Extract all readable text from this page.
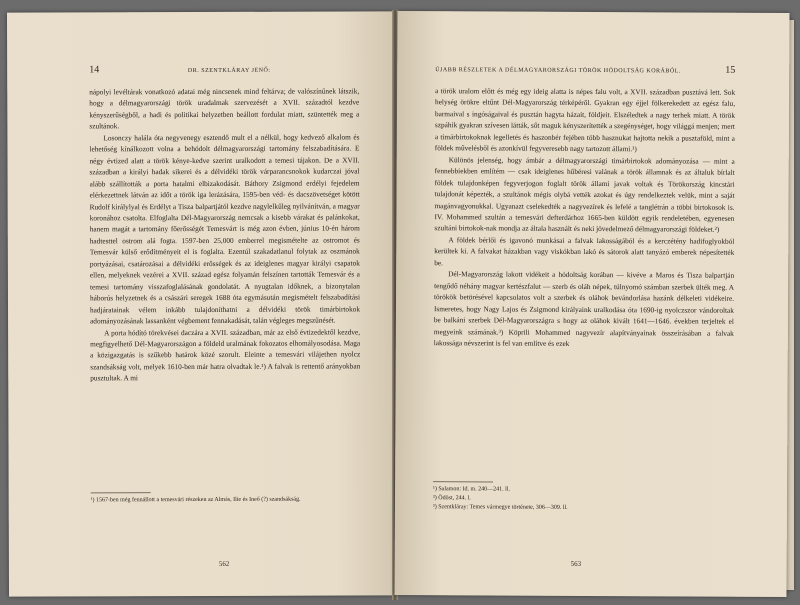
14	DR. SZENTKLÁRAY JENŐ:

nápolyi levéltárak vonatkozó adatai még nincsenek mind feltárva; de valószínűnek látszik, hogy a délmagyarországi török uradalmak szervezését a XVII. századtól kezdve kényszerűségből, a hadi és politikai helyzetben beállott fordulat miatt, szüntették meg a szultánok.

Losonczy halála óta negyvenegy esztendő mult el a nélkül, hogy kedvező alkalom és lehetőség kínálkozott volna a behódolt délmagyarországi tartomány felszabadítására. E négy évtized alatt a török kénye-kedve szerint uralkodott a temesi tájakon. De a XVII. században a királyi hadak sikerei és a délvidéki török várparancsnokok kudarczai jóval alább szállították a porta hatalmi elbizakodását. Báthory Zsigmond erdélyi fejedelem elérkezettnek látván az időt a török iga lerázására, 1595-ben véd- és dacszövetséget kötött Rudolf királylyal és Erdélyt a Tisza balpartjától kezdve nagylelkűleg nyilvánítván, a magyar koronához csatolta. Elfoglalta Dél-Magyarország nemcsak a kisebb várakat és palánkokat, hanem magát a tartomány főerősségét Temesvárt is még azon évben, június 10-én három hadtesttel ostrom alá fogta. 1597-ben 25,000 emberrel megismételte az ostromot és Temesvár külső erődítményeit el is foglalta. Ezentúl szakadatlanul folytak az oszmánok portyázásai, csatározásai a délvidéki erősségek és az ideiglenes magyar királyi csapatok ellen, melyeknek vezérei a XVII. század egész folyamán felszínen tartották Temesvár és a temesi tartomány visszafoglalásának gondolatát. A nyugtalan időknek, a bizonytalan háborús helyzetnek és a császári seregek 1688 óta egymásután megismételt felszabadítási hadjáratainak vélem inkább tulajdoníthatni a délvidéki török timárbirtokok adományozásának lassanként végbement fennakadását, talán végleges megszűnését.

A porta hódító törekvései daczára a XVII. században, már az első évtizedektől kezdve, megfigyelhető Dél-Magyarországon a földeld uralmának fokozatos elhomályosodása. Maga a közigazgatás is szűkebb határok közé szorult. Eleinte a temesvári vilájethen nyolcz szandsákság volt, melyek 1610-ben már hatra olvadtak le.¹) A falvak is rettentő arányokban pusztultak. A mi

¹) 1567-ben még fennállott a temesvári részeken az Almás, Ilie és Ineő (?) szandsákság.
562
ÚJABB RÉSZLETEK A DÉLMAGYARORSZÁGI TÖRÖK HÓDOLTSÁG KORÁBÓL.	15

a török uralom előtt és még egy ideig alatta is népes falu volt, a XVII. században pusztává lett. Sok helység örökre eltűnt Dél-Magyarország térképéről. Gyakran egy éjjel fölkerekedett az egész falu, barmaival s ingóságaival és pusztán hagyta házait, földjeit. Elszéledtek a nagy terhek miatt. A török szpáhik gyakran szívesen látták, sőt maguk kényszerítették a szegénységet, hogy világgá menjen; mert a timárbirtokoknak legelletés és haszonbér fejében több hasznukat hajtotta nekik a pusztaföld, mint a földek művelésből és azonkívül fegyveresebb nagy tartozott állami.¹)

Különös jelenség, hogy ámbár a délmagyarországi timárbirtokok adományozása — mint a fennebbiekben említém — csak ideiglenes hűbéresi valának a török államnak és az általuk bírlalt földek tulajdonképen fegyverjogon foglalt török állami javak voltak és Törökország kincstári tulajdonát képezték, a szultánok mégis olybá vették azokat és úgy rendelkeztek velük, mint a saját magánvagyonukkal. Ugyanazt cselekedték a nagyvezírek és lefelé a tanglétrán a többi birtokosok is. IV. Mohammed szultán a temesvári defterdárhoz 1665-ben küldött egyik rendeletében, egyenesen szultáni birtokok-nak mondja az általa használt és neki jövedelmező délmagyarországi földeket.²)

A földek bérlői és igavonó munkásai a falvak lakosságából és a kerczétény hadifoglyokból kerültek ki. A falvakat házakban vagy viskókban lakó és sátorok alatt tanyázó emberek népesítették be.

Dél-Magyarország lakott vidékeit a hódoltság korában — kivéve a Maros és Tisza balpartján tengődő néhány magyar kertészfalut — szerb és oláh népek, túlnyomó számban szerbek ülték meg. A törökök betörésével kapcsolatos volt a szerbek és oláhok bevándorlása hazánk délkeleti vidékeire. Ismeretes, hogy Nagy Lajos és Zsigmond királyaink uralkodása óta 1690-ig nyolczszor vándoroltak be balkáni szerbek Dél-Magyarországra s hogy az oláhok kivált 1641—1646. években terjeltek el megyeink számának.³) Köprili Mohammed nagyvezír alapítványainak összeírásában a falvak lakossága névszerint is fel van említve és ezek

¹) Salamon: Id. m. 240—241. ll.
²) Ödöst, 244. l.
³) Szentkláray: Temes vármegye története, 306—309. ll.
563
